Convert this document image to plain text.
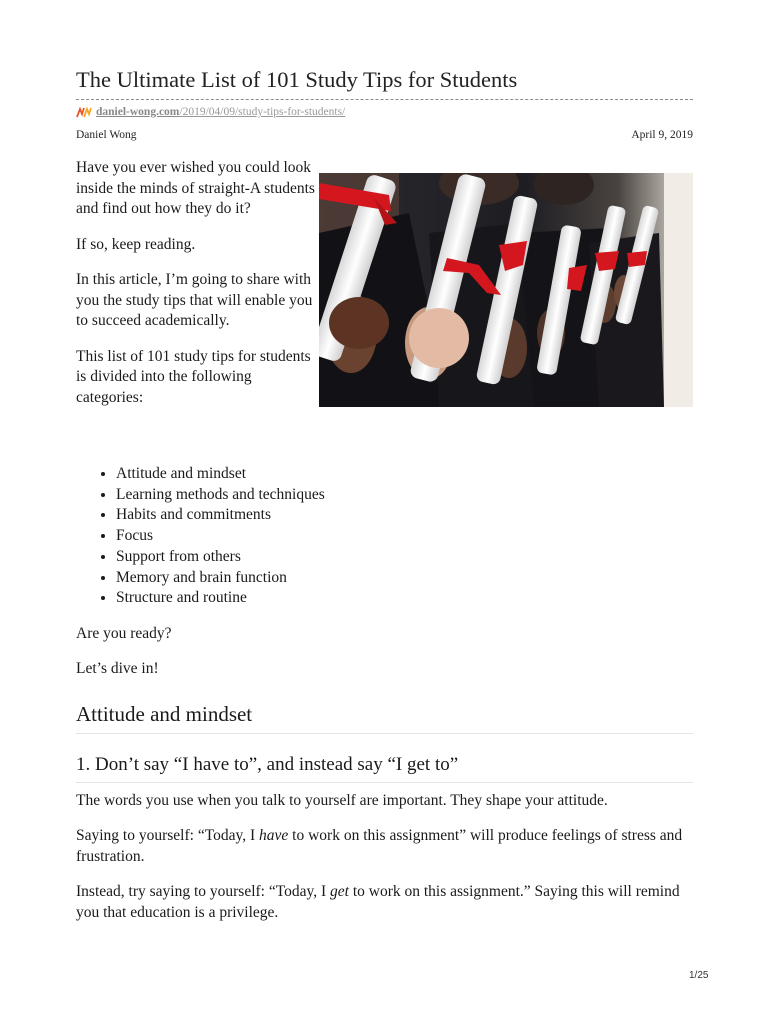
The Ultimate List of 101 Study Tips for Students
daniel-wong.com /2019/04/09/study-tips-for-students/
Daniel Wong	April 9, 2019

Have you ever wished you could look inside the minds of straight-A students and find out how they do it?

If so, keep reading.

In this article, I’m going to share with you the study tips that will enable you to succeed academically.

This list of 101 study tips for students is divided into the following categories:

• Attitude and mindset
• Learning methods and techniques
• Habits and commitments
• Focus
• Support from others
• Memory and brain function
• Structure and routine

Are you ready?

Let’s dive in!

Attitude and mindset
1. Don’t say “I have to”, and instead say “I get to”

The words you use when you talk to yourself are important. They shape your attitude.

Saying to yourself: “Today, I have to work on this assignment” will produce feelings of stress and frustration.

Instead, try saying to yourself: “Today, I get to work on this assignment.” Saying this will remind you that education is a privilege.

1/25
